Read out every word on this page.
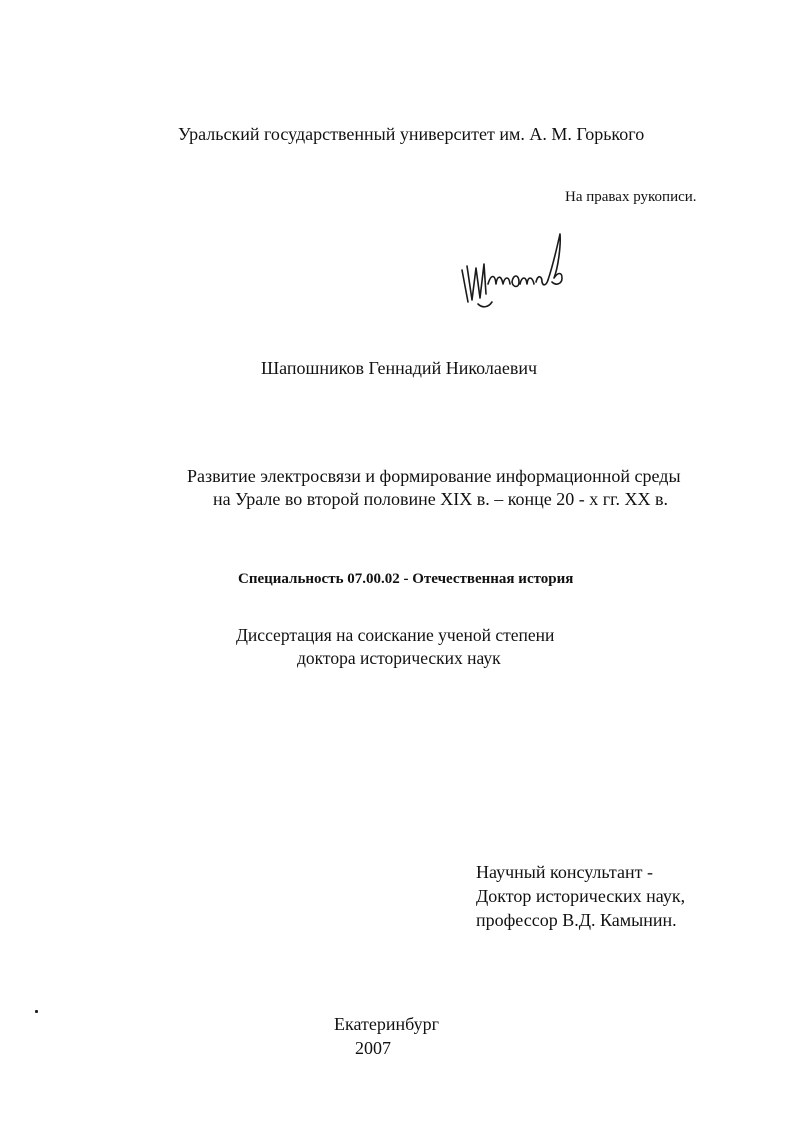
Уральский государственный университет им. А. М. Горького
На правах рукописи.
Шапошников
Шапошников Геннадий Николаевич
Развитие электросвязи и формирование информационной среды
на Урале во второй половине XIX в. – конце 20 - х гг. XX в.
Специальность 07.00.02 - Отечественная история
Диссертация на соискание ученой степени
доктора исторических наук
Научный консультант -
Доктор исторических наук,
профессор В.Д. Камынин.
Екатеринбург
2007
